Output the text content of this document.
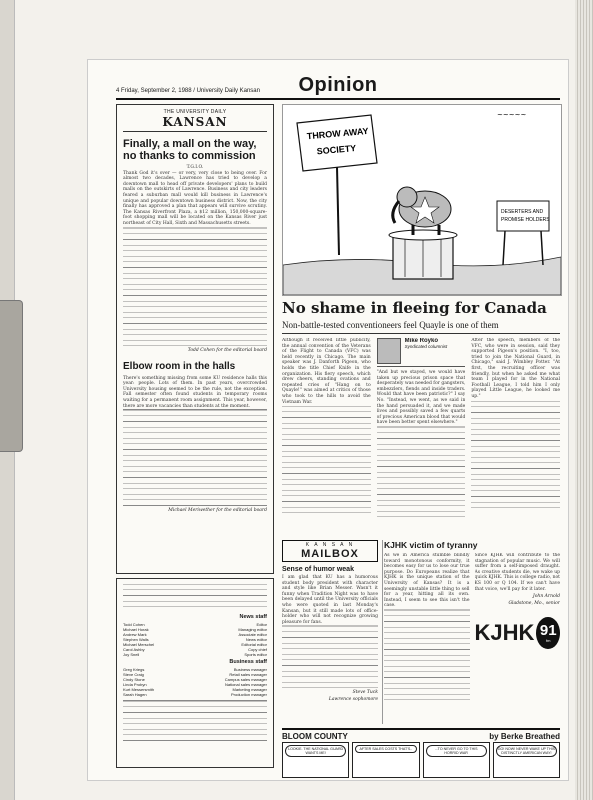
4 Friday, September 2, 1988 / University Daily Kansan	Opinion
THE UNIVERSITY DAILY
KANSAN
Finally, a mall on the way, no thanks to commission

T.G.I.O.

Thank God it's over — or very, very close to being over. For almost two decades, Lawrence has tried to develop a downtown mall to head off private developers' plans to build malls on the outskirts of Lawrence. Business and city leaders feared a suburban mall would kill business in Lawrence's unique and popular downtown business district. Now, the city finally has approved a plan that appears will survive scrutiny. The Kansas Riverfront Plaza, a $12 million, 150,000-square-foot shopping mall will be located on the Kansas River just northeast of City Hall, Sixth and Massachusetts streets.

Todd Cohen for the editorial board

Elbow room in the halls

There's something missing from some KU residence halls this year: people. Lots of them. In past years, overcrowded University housing seemed to be the rule, not the exception. Fall semester often found students in temporary rooms waiting for a permanent room assignment. This year, however, there are more vacancies than students at the moment.

Michael Meriwether for the editorial board

News staff
Todd Cohen	Editor
Michael Horak	Managing editor
Andrew Mark	Associate editor
Stephen Walls	News editor
Michael Merschel	Editorial editor
Carol Ashby	Copy chief
Joy Snell	Sports editor
Business staff
Greg Kriegs	Business manager
Steve Craig	Retail sales manager
Cindy Stone	Campus sales manager
Linda Probyn	National sales manager
Kurt Messersmith	Marketing manager
Sarah Hagen	Production manager
THROW AWAY
SOCIETY
DESERTERS AND
PROMISE HOLDERS
~~~~~
No shame in fleeing for Canada
Non-battle-tested conventioneers feel Quayle is one of them

Although it received little publicity, the annual convention of the Veterans of the Flight to Canada (VFC) was held recently in Chicago. The main speaker was J. Danforth Pigeon, who holds the title Chief Knife in the organization. His fiery speech, which drew cheers, standing ovations and repeated cries of "Hang on to Quayle!" was aimed at critics of those who took to the hills to avoid the Vietnam War.

Mike Royko
Syndicated columnist

"And but we stayed, we would have taken up precious prison space that desperately was needed for gangsters, embezzlers, fiends and inside traders. Would that have been patriotic?" I say No. "Instead, we went, as we said in the hand persuaded it, and we made lives and possibly saved a few quarts of precious American blood that would have been better spent elsewhere."

After the speech, members of the VFC, who were in session, said they supported Pigeon's position. "I, too, tried to join the National Guard, in Chicago," said J. Wimbley Potter. "At first, the recruiting officer was friendly, but when he asked me what team I played for in the National Football League, I told him I only played Little League, he looked me up."

K A N S A N
MAILBOX
Sense of humor weak

I am glad that KU has a humorous student body president with character and style like Brian Messer. Wasn't it funny when Tradition Night was to have been delayed until the University officials who were quoted in last Monday's Kansan, but it still made lots of office-holder who will not recognize growing pleasure for fans.

Steve Tuck

Lawrence sophomore

KJHK victim of tyranny

As we in America stumble blindly toward monotonous conformity, it becomes easy for us to lose our true purpose. Do Europeans realize that KJHK is the unique station of the University of Kansas? It is a seemingly unstable little thing to sell for a year, hitting all its own. Instead, I seem to see this isn't the case.

Since KJHK will contribute to the stagnation of popular music. We will suffer from a self-imposed draught. As creative students die, we wake up quick KJHK. This is college radio, not KS 100 or Q 104. If we can't have that voice, we'll pay for it later.

John Arnold

Gladstone, Mo., senior

KJHK 91
fm
BLOOM COUNTY	by Berke Breathed
LOOKIE. THE NATIONAL GUARD WANTS ME!
AFTER SALES COSTS THAT'S..	...TO NEVER GO TO THIS HORRID WAR
GO! NOW! NEVER WAKE UP THIS DISTINCTLY AMERICAN WAY!
